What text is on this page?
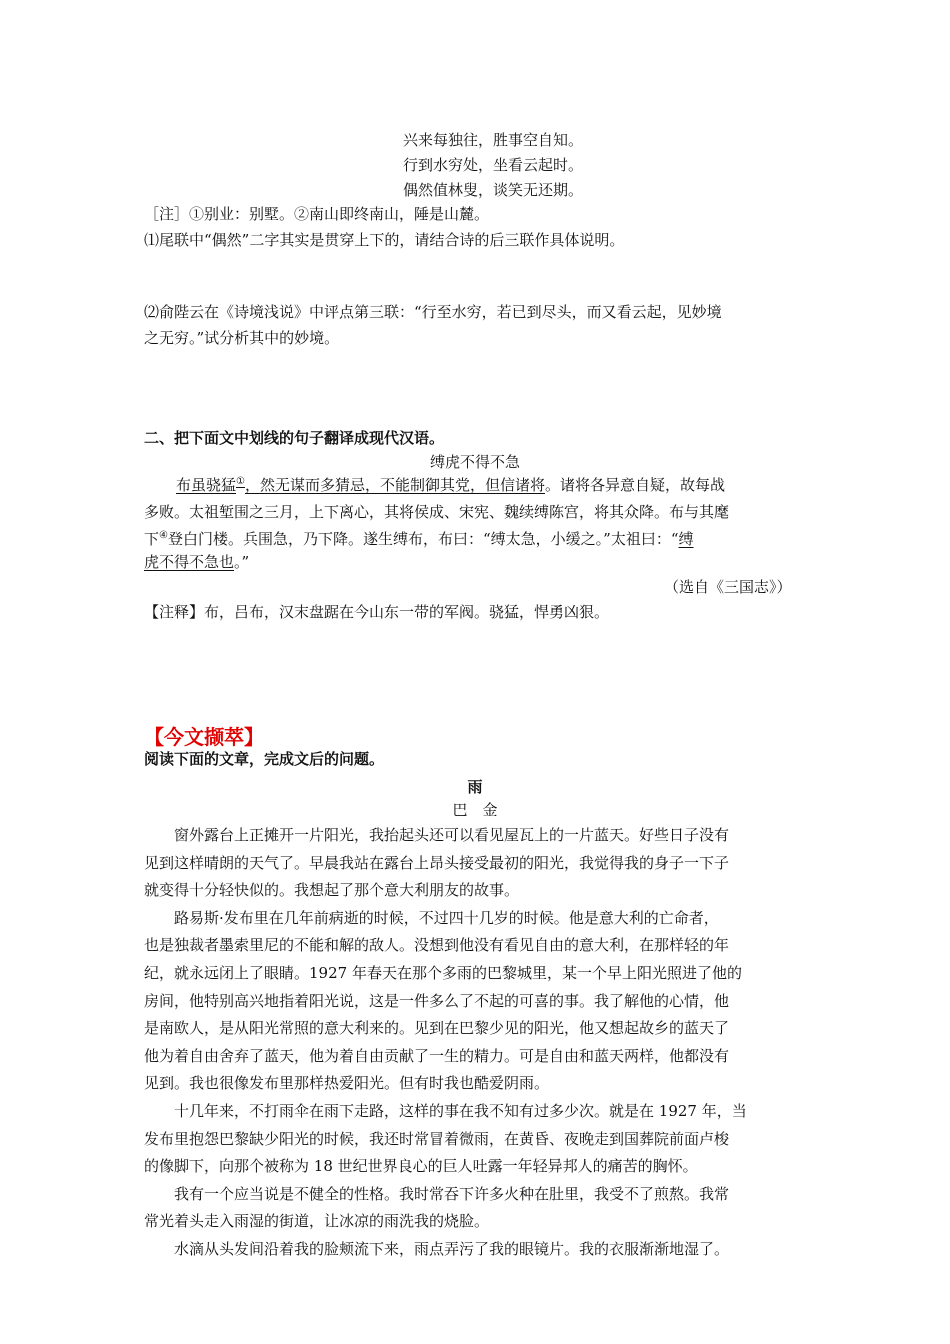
兴来每独往，胜事空自知。
行到水穷处，坐看云起时。
偶然值林叟，谈笑无还期。
［注］①别业：别墅。②南山即终南山，陲是山麓。
⑴尾联中“偶然”二字其实是贯穿上下的，请结合诗的后三联作具体说明。
⑵俞陛云在《诗境浅说》中评点第三联：“行至水穷，若已到尽头，而又看云起，见妙境
之无穷。”试分析其中的妙境。
二、把下面文中划线的句子翻译成现代汉语。
缚虎不得不急
布虽骁猛①，然无谋而多猜忌，不能制御其党，但信诸将。诸将各异意自疑，故每战
多败。太祖堑围之三月，上下离心，其将侯成、宋宪、魏续缚陈宫，将其众降。布与其麾
下④登白门楼。兵围急，乃下降。遂生缚布，布曰：“缚太急，小缓之。”太祖曰：“缚
虎不得不急也。”
（选自《三国志》）
【注释】布，吕布，汉末盘踞在今山东一带的军阀。骁猛，悍勇凶狠。
【今文撷萃】
阅读下面的文章，完成文后的问题。
雨
巴　金
　　窗外露台上正摊开一片阳光，我抬起头还可以看见屋瓦上的一片蓝天。好些日子没有
见到这样晴朗的天气了。早晨我站在露台上昂头接受最初的阳光，我觉得我的身子一下子
就变得十分轻快似的。我想起了那个意大利朋友的故事。
　　路易斯·发布里在几年前病逝的时候，不过四十几岁的时候。他是意大利的亡命者，
也是独裁者墨索里尼的不能和解的敌人。没想到他没有看见自由的意大利，在那样轻的年
纪，就永远闭上了眼睛。1927 年春天在那个多雨的巴黎城里，某一个早上阳光照进了他的
房间，他特别高兴地指着阳光说，这是一件多么了不起的可喜的事。我了解他的心情，他
是南欧人，是从阳光常照的意大利来的。见到在巴黎少见的阳光，他又想起故乡的蓝天了
他为着自由舍弃了蓝天，他为着自由贡献了一生的精力。可是自由和蓝天两样，他都没有
见到。我也很像发布里那样热爱阳光。但有时我也酷爱阴雨。
　　十几年来，不打雨伞在雨下走路，这样的事在我不知有过多少次。就是在 1927 年，当
发布里抱怨巴黎缺少阳光的时候，我还时常冒着微雨，在黄昏、夜晚走到国葬院前面卢梭
的像脚下，向那个被称为 18 世纪世界良心的巨人吐露一年轻异邦人的痛苦的胸怀。
　　我有一个应当说是不健全的性格。我时常吞下许多火种在肚里，我受不了煎熬。我常
常光着头走入雨湿的街道，让冰凉的雨洗我的烧脸。
　　水滴从头发间沿着我的脸颊流下来，雨点弄污了我的眼镜片。我的衣服渐渐地湿了。
